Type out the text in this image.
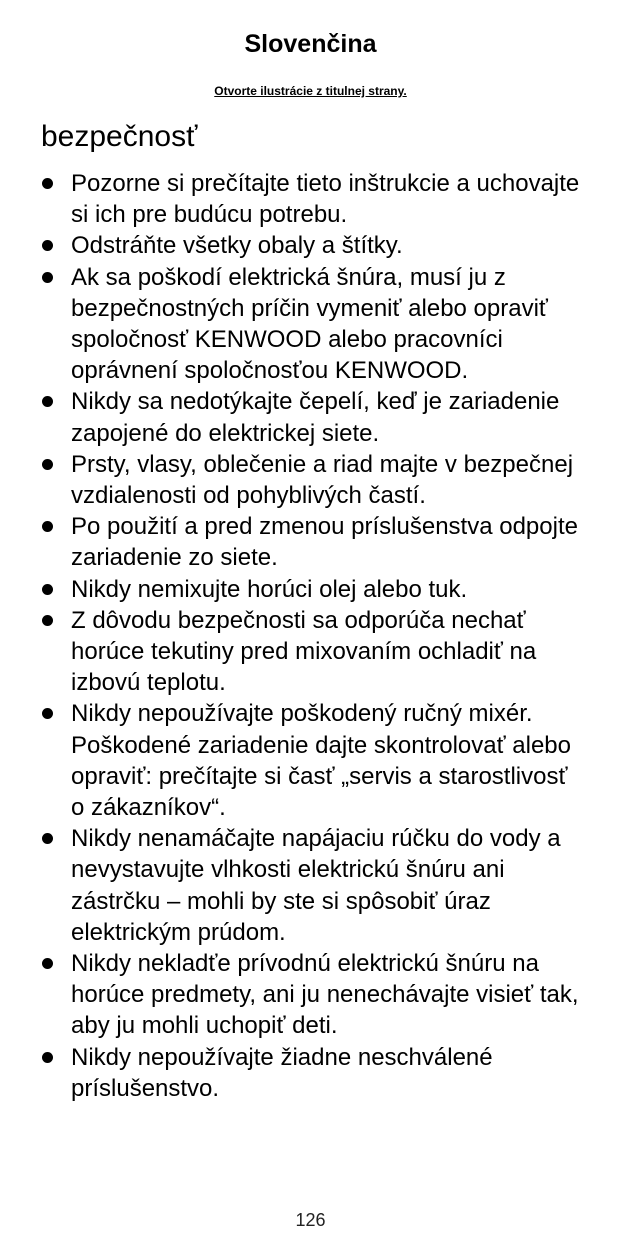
Slovenčina
Otvorte ilustrácie z titulnej strany.
bezpečnosť
Pozorne si prečítajte tieto inštrukcie a uchovajte si ich pre budúcu potrebu.
Odstráňte všetky obaly a štítky.
Ak sa poškodí elektrická šnúra, musí ju z bezpečnostných príčin vymeniť alebo opraviť spoločnosť KENWOOD alebo pracovníci oprávnení spoločnosťou KENWOOD.
Nikdy sa nedotýkajte čepelí, keď je zariadenie zapojené do elektrickej siete.
Prsty, vlasy, oblečenie a riad majte v bezpečnej vzdialenosti od pohyblivých častí.
Po použití a pred zmenou príslušenstva odpojte zariadenie zo siete.
Nikdy nemixujte horúci olej alebo tuk.
Z dôvodu bezpečnosti sa odporúča nechať horúce tekutiny pred mixovaním ochladiť na izbovú teplotu.
Nikdy nepoužívajte poškodený ručný mixér. Poškodené zariadenie dajte skontrolovať alebo opraviť: prečítajte si časť „servis a starostlivosť o zákazníkov“.
Nikdy nenamáčajte napájaciu rúčku do vody a nevystavujte vlhkosti elektrickú šnúru ani zástrčku – mohli by ste si spôsobiť úraz elektrickým prúdom.
Nikdy nekladťe prívodnú elektrickú šnúru na horúce predmety, ani ju nenechávajte visieť tak, aby ju mohli uchopiť deti.
Nikdy nepoužívajte žiadne neschválené príslušenstvo.
126
